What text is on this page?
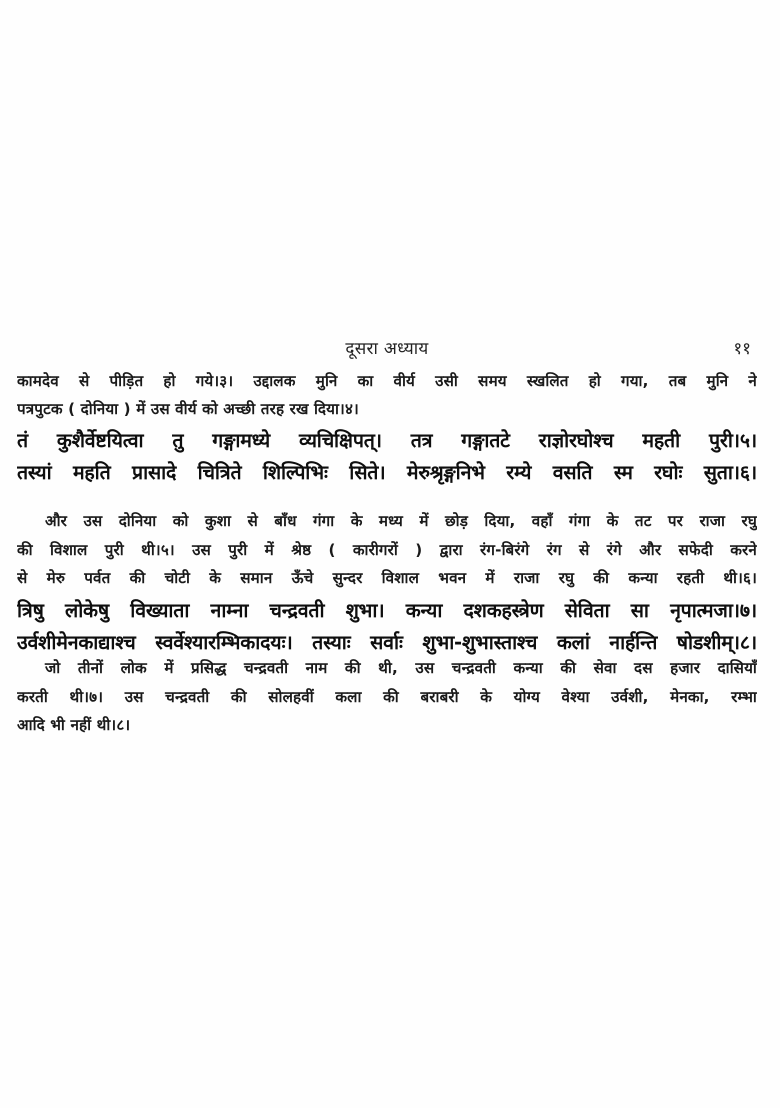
दूसरा अध्याय	११
कामदेव से पीड़ित हो गये।३। उद्दालक मुनि का वीर्य उसी समय स्खलित हो गया, तब मुनि ने
पत्रपुटक ( दोनिया ) में उस वीर्य को अच्छी तरह रख दिया।४।
तं कुशैर्वेष्टयित्वा तु गङ्गामध्ये व्यचिक्षिपत्। तत्र गङ्गातटे राज्ञोरघोश्च महती पुरी।५।
तस्यां महति प्रासादे चित्रिते शिल्पिभिः सिते। मेरुश्रृङ्गनिभे रम्ये वसति स्म रघोः सुता।६।
और उस दोनिया को कुशा से बाँध गंगा के मध्य में छोड़ दिया, वहाँ गंगा के तट पर राजा रघु
की विशाल पुरी थी।५। उस पुरी में श्रेष्ठ ( कारीगरों ) द्वारा रंग-बिरंगे रंग से रंगे और सफेदी करने
से मेरु पर्वत की चोटी के समान ऊँचे सुन्दर विशाल भवन में राजा रघु की कन्या रहती थी।६।
त्रिषु लोकेषु विख्याता नाम्ना चन्द्रवती शुभा। कन्या दशकहस्त्रेण सेविता सा नृपात्मजा।७।
उर्वशीमेनकाद्याश्च स्वर्वेश्यारम्भिकादयः। तस्याः सर्वाः शुभा-शुभास्ताश्च कलां नार्हन्ति षोडशीम्।८।
जो तीनों लोक में प्रसिद्ध चन्द्रवती नाम की थी, उस चन्द्रवती कन्या की सेवा दस हजार दासियाँ
करती थी।७। उस चन्द्रवती की सोलहवीं कला की बराबरी के योग्य वेश्या उर्वशी, मेनका, रम्भा
आदि भी नहीं थी।८।
